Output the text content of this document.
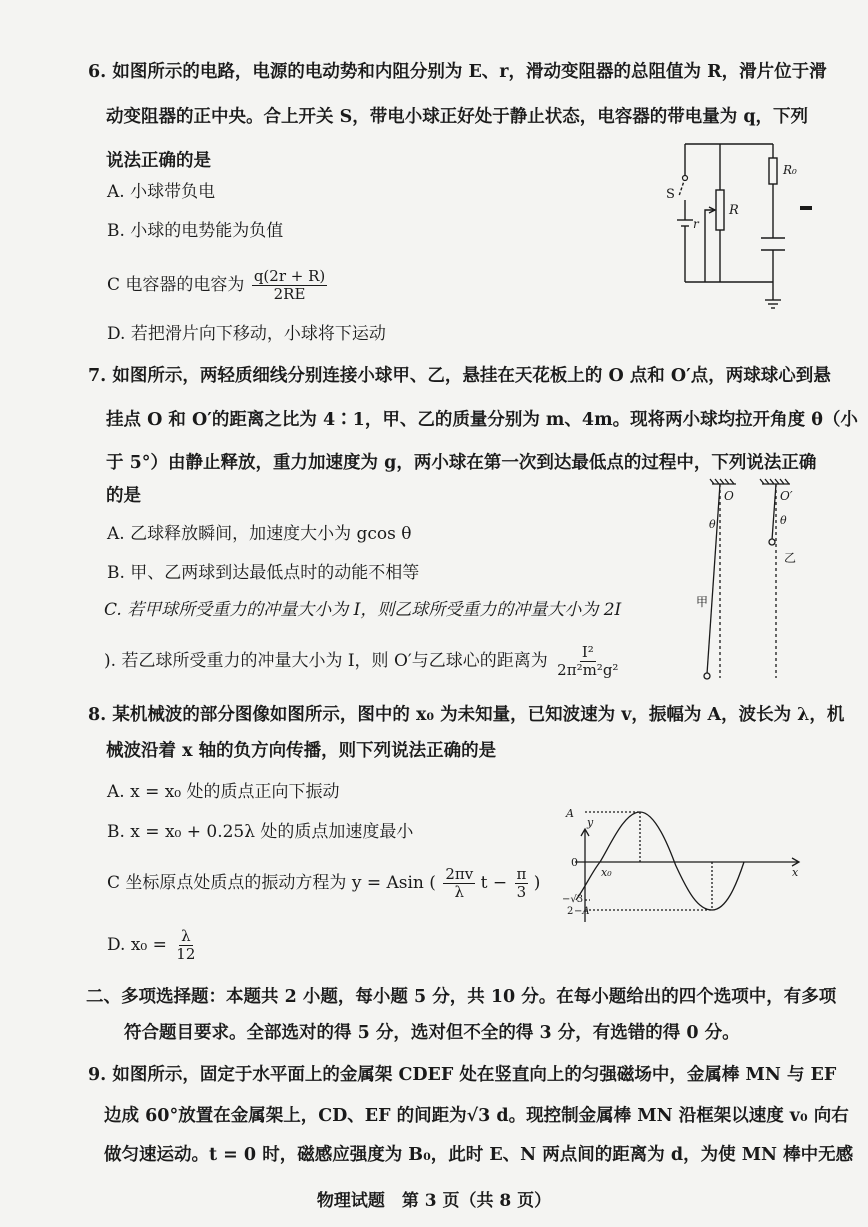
6. 如图所示的电路，电源的电动势和内阻分别为 E、r，滑动变阻器的总阻值为 R，滑片位于滑
动变阻器的正中央。合上开关 S，带电小球正好处于静止状态，电容器的带电量为 q，下列
说法正确的是
A. 小球带负电
B. 小球的电势能为负值
C 电容器的电容为 $\frac{q(2r + R)}{2RE}$
D. 若把滑片向下移动，小球将下运动
S
r
R
R₀
7. 如图所示，两轻质细线分别连接小球甲、乙，悬挂在天花板上的 O 点和 O′点，两球球心到悬
挂点 O 和 O′的距离之比为 4∶1，甲、乙的质量分别为 m、4m。现将两小球均拉开角度 θ（小
于 5°）由静止释放，重力加速度为 g，两小球在第一次到达最低点的过程中，下列说法正确
的是
A. 乙球释放瞬间，加速度大小为 gcos θ
B. 甲、乙两球到达最低点时的动能不相等
C. 若甲球所受重力的冲量大小为 I，则乙球所受重力的冲量大小为 2I
). 若乙球所受重力的冲量大小为 I，则 O′与乙球心的距离为 $\frac{\text{I²}}{\text{2π²m²g²}}$
O	O′
θ	θ
甲
乙
8. 某机械波的部分图像如图所示，图中的 x₀ 为未知量，已知波速为 v，振幅为 A，波长为 λ，机
械波沿着 x 轴的负方向传播，则下列说法正确的是
A. x = x₀ 处的质点正向下振动
B. x = x₀ + 0.25λ 处的质点加速度最小
C 坐标原点处质点的振动方程为 y = Asin ( $\frac{2\pi v}{\lambda}$ $t - \frac{\pi}{3}$ )
D. $x_0 = \frac{\lambda}{12}$
y
x
0
x₀
−√3
2 −A
A
二、多项选择题：本题共 2 小题，每小题 5 分，共 10 分。在每小题给出的四个选项中，有多项
符合题目要求。全部选对的得 5 分，选对但不全的得 3 分，有选错的得 0 分。
9. 如图所示，固定于水平面上的金属架 CDEF 处在竖直向上的匀强磁场中，金属棒 MN 与 EF
边成 60°放置在金属架上，CD、EF 的间距为√3 d。现控制金属棒 MN 沿框架以速度 v₀ 向右
做匀速运动。t = 0 时，磁感应强度为 B₀，此时 E、N 两点间的距离为 d，为使 MN 棒中无感
物理试题　第 3 页（共 8 页）
